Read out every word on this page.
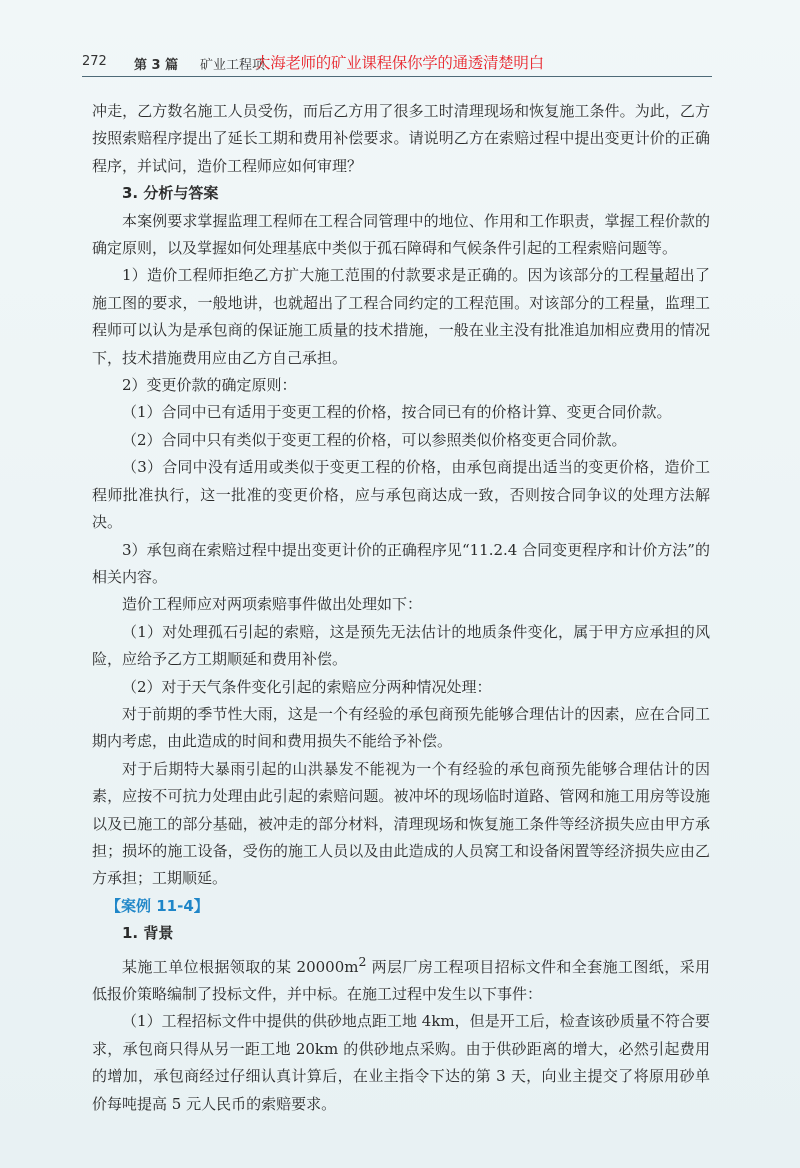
272 第 3 篇 矿业工程项
大海老师的矿业课程保你学的通透清楚明白

冲走，乙方数名施工人员受伤，而后乙方用了很多工时清理现场和恢复施工条件。为此，乙方按照索赔程序提出了延长工期和费用补偿要求。请说明乙方在索赔过程中提出变更计价的正确程序，并试问，造价工程师应如何审理？

3. 分析与答案

本案例要求掌握监理工程师在工程合同管理中的地位、作用和工作职责，掌握工程价款的确定原则，以及掌握如何处理基底中类似于孤石障碍和气候条件引起的工程索赔问题等。

1）造价工程师拒绝乙方扩大施工范围的付款要求是正确的。因为该部分的工程量超出了施工图的要求，一般地讲，也就超出了工程合同约定的工程范围。对该部分的工程量，监理工程师可以认为是承包商的保证施工质量的技术措施，一般在业主没有批准追加相应费用的情况下，技术措施费用应由乙方自己承担。

2）变更价款的确定原则：

（1）合同中已有适用于变更工程的价格，按合同已有的价格计算、变更合同价款。

（2）合同中只有类似于变更工程的价格，可以参照类似价格变更合同价款。

（3）合同中没有适用或类似于变更工程的价格，由承包商提出适当的变更价格，造价工程师批准执行，这一批准的变更价格，应与承包商达成一致，否则按合同争议的处理方法解决。

3）承包商在索赔过程中提出变更计价的正确程序见“11.2.4 合同变更程序和计价方法”的相关内容。

造价工程师应对两项索赔事件做出处理如下：

（1）对处理孤石引起的索赔，这是预先无法估计的地质条件变化，属于甲方应承担的风险，应给予乙方工期顺延和费用补偿。

（2）对于天气条件变化引起的索赔应分两种情况处理：

对于前期的季节性大雨，这是一个有经验的承包商预先能够合理估计的因素，应在合同工期内考虑，由此造成的时间和费用损失不能给予补偿。

对于后期特大暴雨引起的山洪暴发不能视为一个有经验的承包商预先能够合理估计的因素，应按不可抗力处理由此引起的索赔问题。被冲坏的现场临时道路、管网和施工用房等设施以及已施工的部分基础，被冲走的部分材料，清理现场和恢复施工条件等经济损失应由甲方承担；损坏的施工设备，受伤的施工人员以及由此造成的人员窝工和设备闲置等经济损失应由乙方承担；工期顺延。

【案例 11-4】
1. 背景

某施工单位根据领取的某 $20000m^2$ 两层厂房工程项目招标文件和全套施工图纸，采用低报价策略编制了投标文件，并中标。在施工过程中发生以下事件：

（1）工程招标文件中提供的供砂地点距工地 4km，但是开工后，检查该砂质量不符合要求，承包商只得从另一距工地 20km 的供砂地点采购。由于供砂距离的增大，必然引起费用的增加，承包商经过仔细认真计算后，在业主指令下达的第 3 天，向业主提交了将原用砂单价每吨提高 5 元人民币的索赔要求。
